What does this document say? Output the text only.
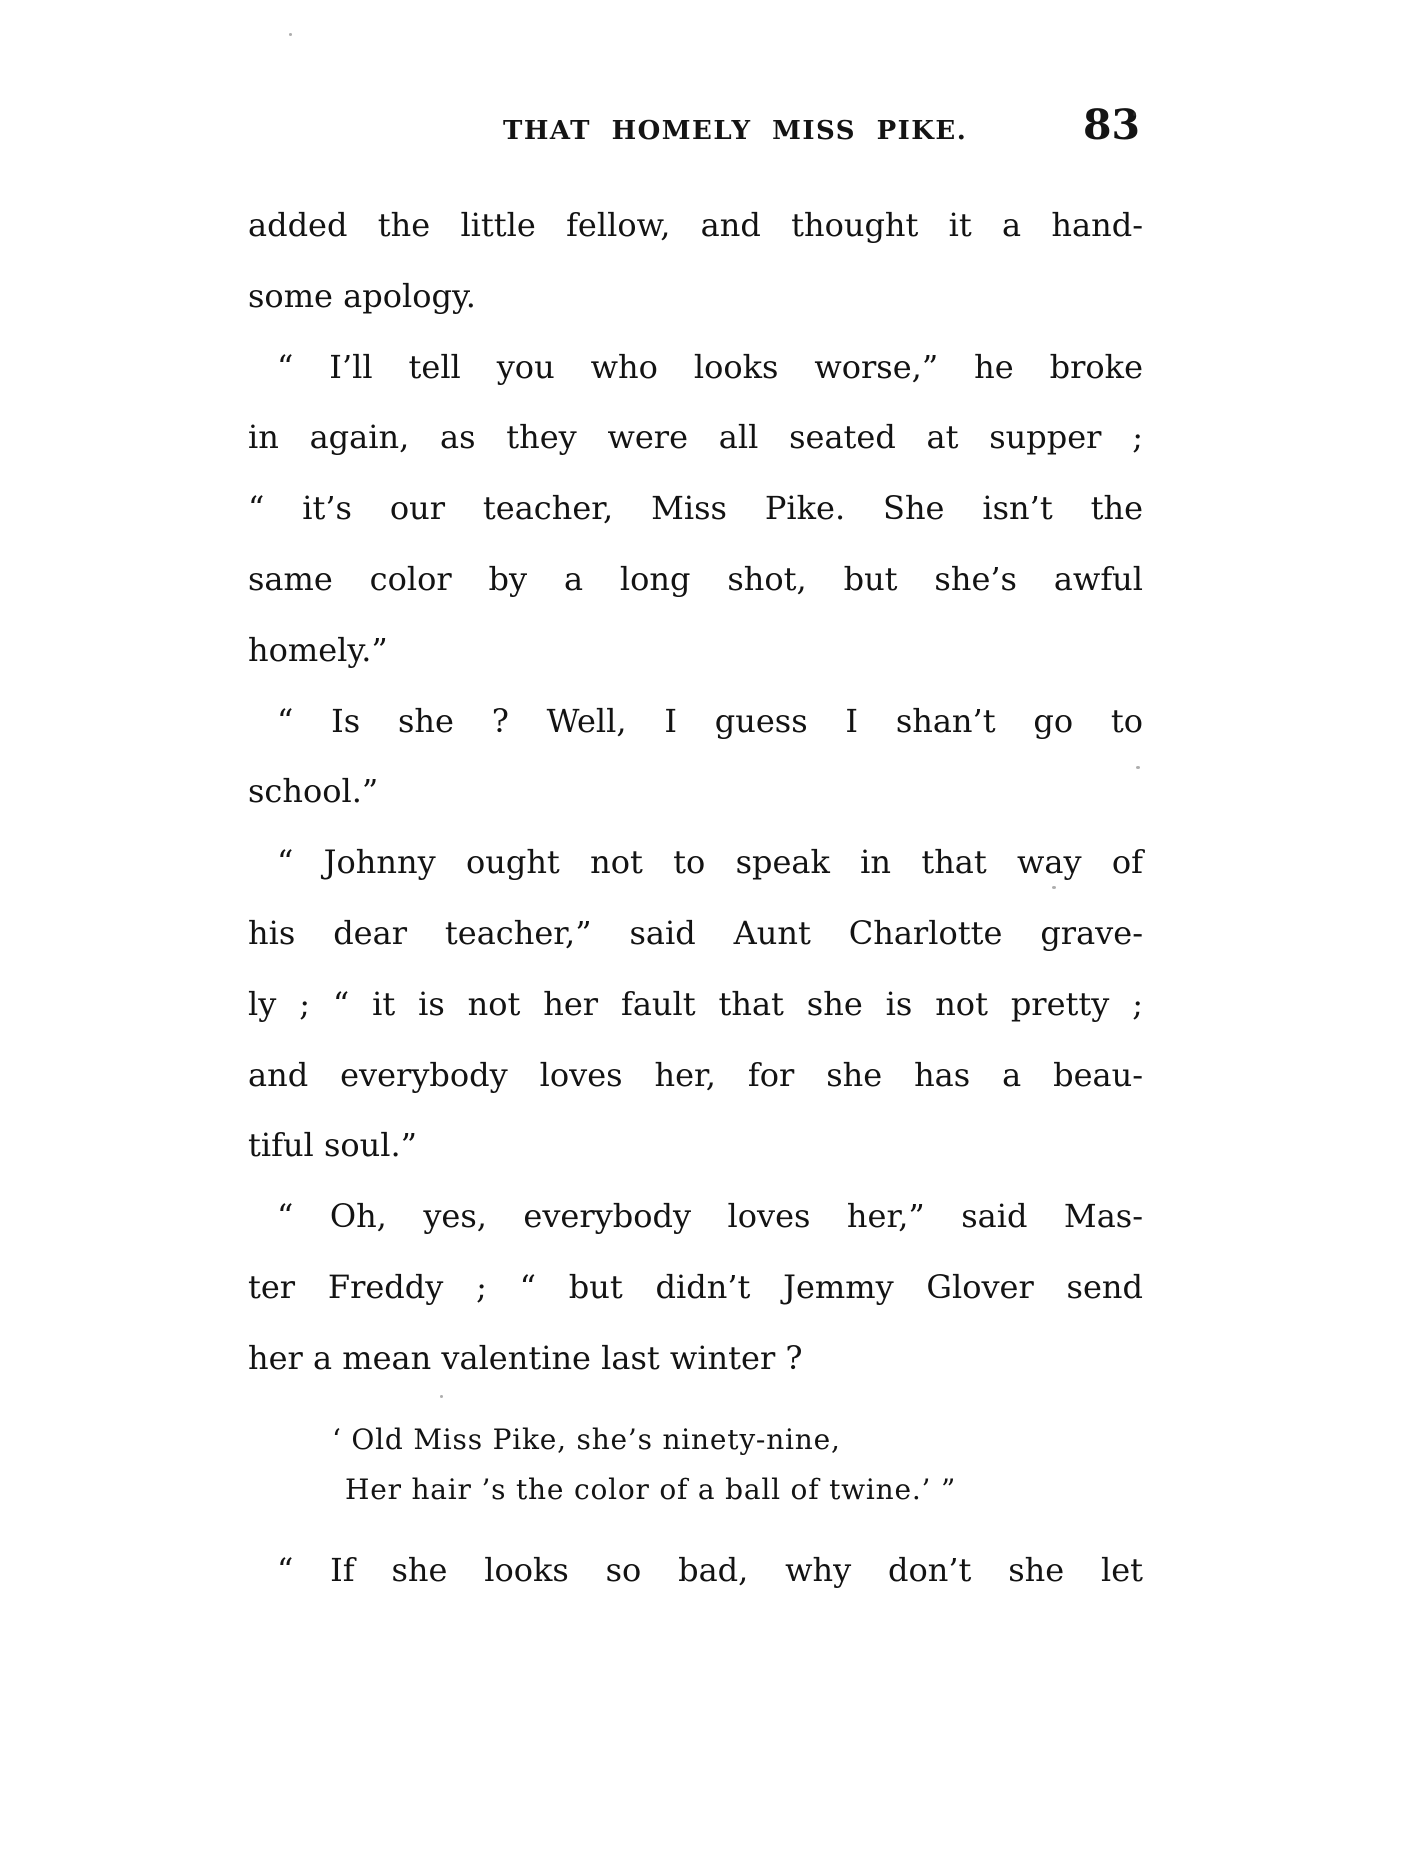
THAT HOMELY MISS PIKE.	83
added the little fellow, and thought it a hand-
some apology.
“ I’ll tell you who looks worse,” he broke
in again, as they were all seated at supper ;
“ it’s our teacher, Miss Pike. She isn’t the
same color by a long shot, but she’s awful
homely.”
“ Is she ? Well, I guess I shan’t go to
school.”
“ Johnny ought not to speak in that way of
his dear teacher,” said Aunt Charlotte grave-
ly ; “ it is not her fault that she is not pretty ;
and everybody loves her, for she has a beau-
tiful soul.”
“ Oh, yes, everybody loves her,” said Mas-
ter Freddy ; “ but didn’t Jemmy Glover send
her a mean valentine last winter ?
‘ Old Miss Pike, she’s ninety-nine,
Her hair ’s the color of a ball of twine.’ ”
“ If she looks so bad, why don’t she let
